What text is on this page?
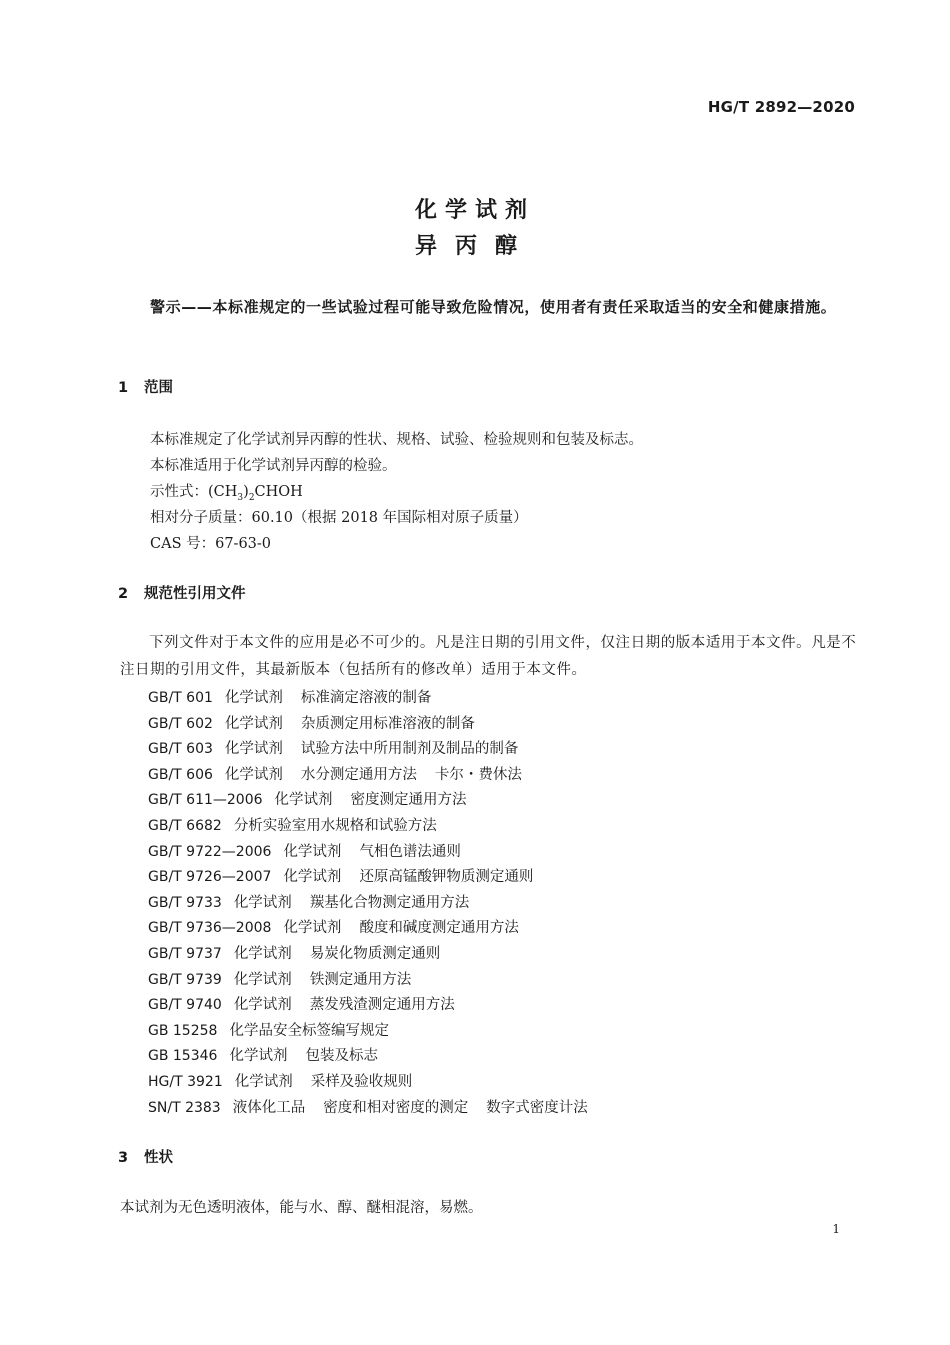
HG/T 2892—2020
化学试剂
异丙醇
警示——本标准规定的一些试验过程可能导致危险情况，使用者有责任采取适当的安全和健康措施。
1 范围
本标准规定了化学试剂异丙醇的性状、规格、试验、检验规则和包装及标志。
本标准适用于化学试剂异丙醇的检验。
示性式：$(CH_3)_2CHOH$
相对分子质量：60.10（根据 2018 年国际相对原子质量）
CAS 号：67-63-0
2 规范性引用文件
下列文件对于本文件的应用是必不可少的。凡是注日期的引用文件，仅注日期的版本适用于本文件。凡是不注日期的引用文件，其最新版本（包括所有的修改单）适用于本文件。
GB/T 601 化学试剂 标准滴定溶液的制备
GB/T 602 化学试剂 杂质测定用标准溶液的制备
GB/T 603 化学试剂 试验方法中所用制剂及制品的制备
GB/T 606 化学试剂 水分测定通用方法 卡尔・费休法
GB/T 611—2006 化学试剂 密度测定通用方法
GB/T 6682 分析实验室用水规格和试验方法
GB/T 9722—2006 化学试剂 气相色谱法通则
GB/T 9726—2007 化学试剂 还原高锰酸钾物质测定通则
GB/T 9733 化学试剂 羰基化合物测定通用方法
GB/T 9736—2008 化学试剂 酸度和碱度测定通用方法
GB/T 9737 化学试剂 易炭化物质测定通则
GB/T 9739 化学试剂 铁测定通用方法
GB/T 9740 化学试剂 蒸发残渣测定通用方法
GB 15258 化学品安全标签编写规定
GB 15346 化学试剂 包装及标志
HG/T 3921 化学试剂 采样及验收规则
SN/T 2383 液体化工品 密度和相对密度的测定 数字式密度计法
3 性状
本试剂为无色透明液体，能与水、醇、醚相混溶，易燃。
1
